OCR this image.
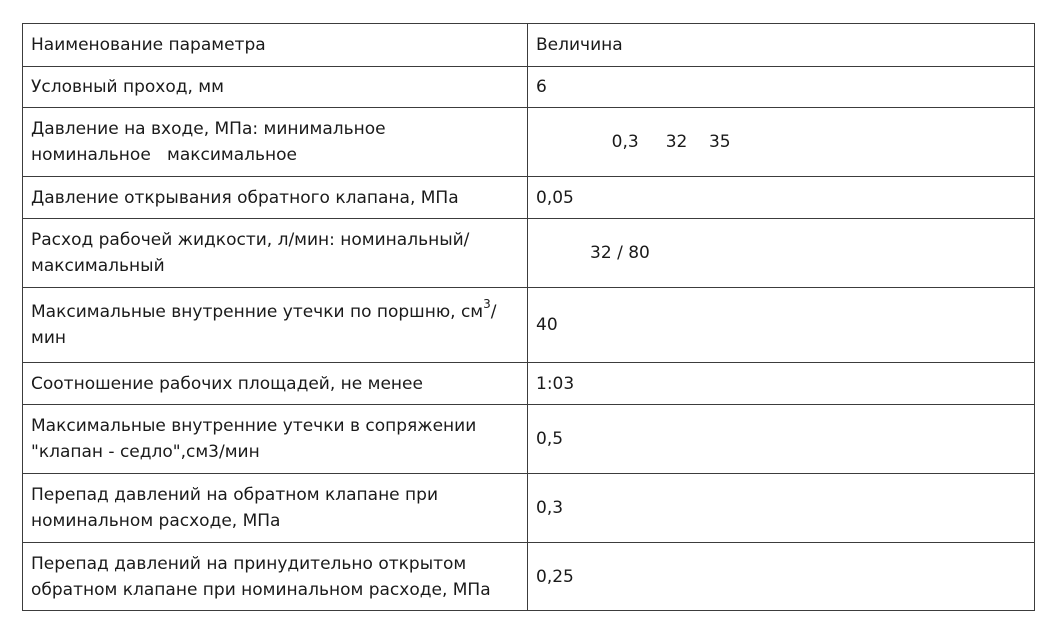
Наименование параметра	Величина
Условный проход, мм	6

Давление на входе, МПа: минимальное
номинальное   максимальное	0,3     32    35
Давление открывания обратного клапана, МПа	0,05

Расход рабочей жидкости, л/мин: номинальный/
максимальный	32 / 80

Максимальные внутренние утечки по поршню, $см^3/$
мин	40
Соотношение рабочих площадей, не менее	1:03

Максимальные внутренние утечки в сопряжении
"клапан - седло",см3/мин	0,5

Перепад давлений на обратном клапане при
номинальном расходе, МПа	0,3

Перепад давлений на принудительно открытом
обратном клапане при номинальном расходе, МПа	0,25
